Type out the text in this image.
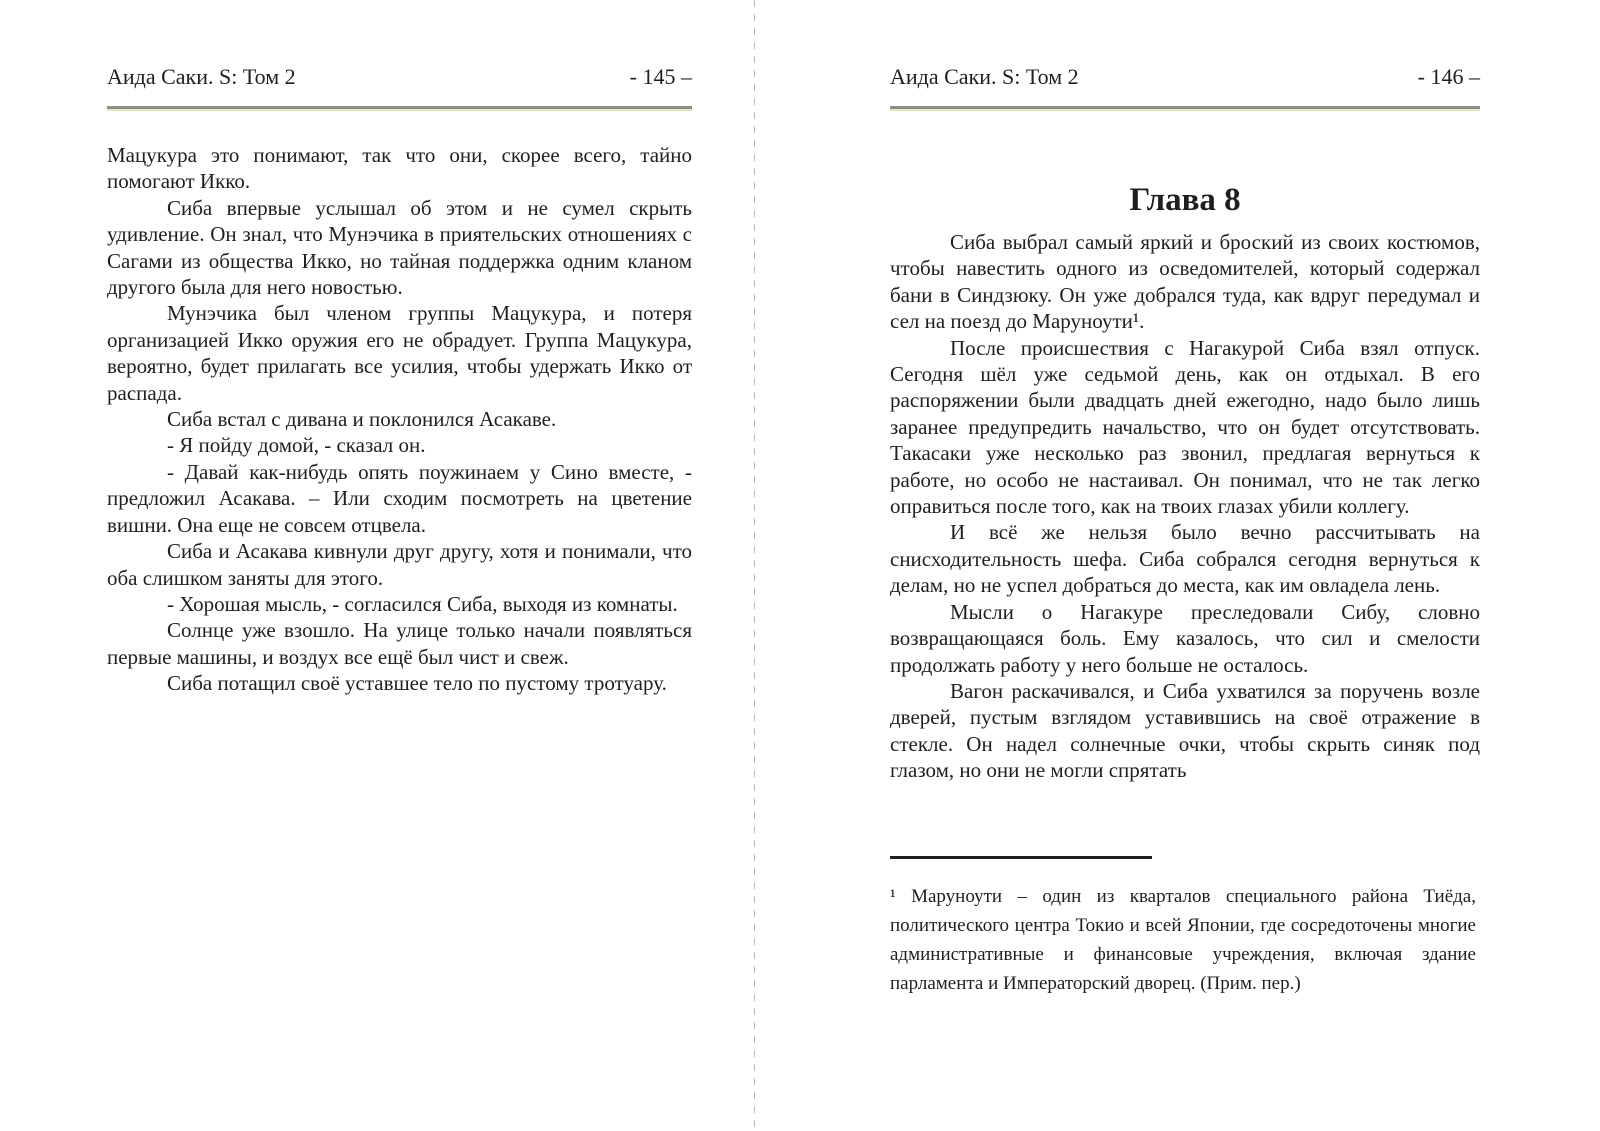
Аида Саки. S: Том 2	- 145 –

Мацукура это понимают, так что они, скорее всего, тайно помогают Икко.

Сиба впервые услышал об этом и не сумел скрыть удивление. Он знал, что Мунэчика в приятельских отношениях с Сагами из общества Икко, но тайная поддержка одним кланом другого была для него новостью.

Мунэчика был членом группы Мацукура, и потеря организацией Икко оружия его не обрадует. Группа Мацукура, вероятно, будет прилагать все усилия, чтобы удержать Икко от распада.

Сиба встал с дивана и поклонился Асакаве.

- Я пойду домой, - сказал он.

- Давай как-нибудь опять поужинаем у Сино вместе, - предложил Асакава. – Или сходим посмотреть на цветение вишни. Она еще не совсем отцвела.

Сиба и Асакава кивнули друг другу, хотя и понимали, что оба слишком заняты для этого.

- Хорошая мысль, - согласился Сиба, выходя из комнаты.

Солнце уже взошло. На улице только начали появляться первые машины, и воздух все ещё был чист и свеж.

Сиба потащил своё уставшее тело по пустому тротуару.

Аида Саки. S: Том 2	- 146 –
Глава 8

Сиба выбрал самый яркий и броский из своих костюмов, чтобы навестить одного из осведомителей, который содержал бани в Синдзюку. Он уже добрался туда, как вдруг передумал и сел на поезд до Маруноути¹.

После происшествия с Нагакурой Сиба взял отпуск. Сегодня шёл уже седьмой день, как он отдыхал. В его распоряжении были двадцать дней ежегодно, надо было лишь заранее предупредить начальство, что он будет отсутствовать. Такасаки уже несколько раз звонил, предлагая вернуться к работе, но особо не настаивал. Он понимал, что не так легко оправиться после того, как на твоих глазах убили коллегу.

И всё же нельзя было вечно рассчитывать на снисходительность шефа. Сиба собрался сегодня вернуться к делам, но не успел добраться до места, как им овладела лень.

Мысли о Нагакуре преследовали Сибу, словно возвращающаяся боль. Ему казалось, что сил и смелости продолжать работу у него больше не осталось.

Вагон раскачивался, и Сиба ухватился за поручень возле дверей, пустым взглядом уставившись на своё отражение в стекле. Он надел солнечные очки, чтобы скрыть синяк под глазом, но они не могли спрятать

¹ Маруноути – один из кварталов специального района Тиёда, политического центра Токио и всей Японии, где сосредоточены многие административные и финансовые учреждения, включая здание парламента и Императорский дворец. (Прим. пер.)
